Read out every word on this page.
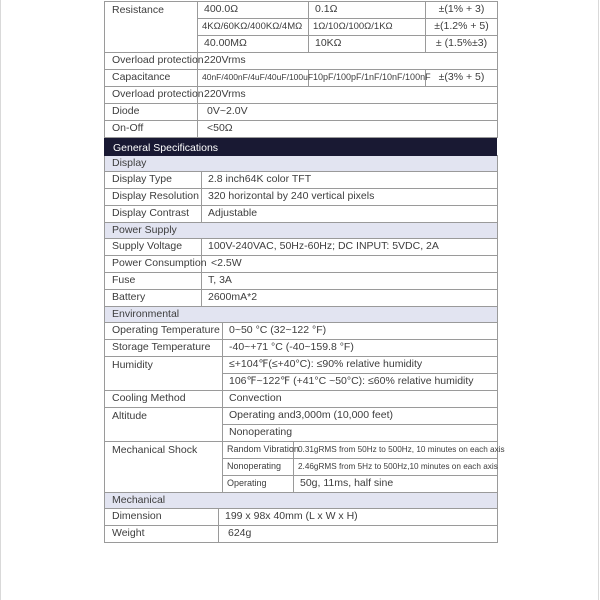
Resistance	400.0Ω	0.1Ω	±(1% + 3)
	4KΩ/60KΩ/400KΩ/4MΩ	1Ω/10Ω/100Ω/1KΩ	±(1.2% + 5)
	40.00MΩ	10KΩ	± (1.5%±3)
Overload protection	220Vrms		
Capacitance	40nF/400nF/4uF/40uF/100uF	10pF/100pF/1nF/10nF/100nF	±(3% + 5)
Overload protection	220Vrms		
Diode	0V~2.0V		
On-Off	<50Ω		
General Specifications
Display	
Display Type	2.8 inch64K color TFT
Display Resolution	320 horizontal by 240 vertical pixels
Display Contrast	Adjustable
Power Supply	
Supply Voltage	100V-240VAC, 50Hz-60Hz; DC INPUT: 5VDC, 2A
Power Consumption	<2.5W
Fuse	T, 3A
Battery	2600mA*2
Environmental		
Operating Temperature	0~50 °C (32~122 °F)	
Storage Temperature	-40~+71 °C (-40~159.8 °F)	
Humidity	≤+104℉(≤+40°C): ≤90% relative humidity	
	106℉~122℉ (+41°C ~50°C): ≤60% relative humidity	
Cooling Method	Convection	
Altitude	Operating and3,000m (10,000 feet)	
	Nonoperating	
Mechanical Shock	Random Vibration	0.31gRMS from 50Hz to 500Hz, 10 minutes on each axis
	Nonoperating	2.46gRMS from 5Hz to 500Hz,10 minutes on each axis
	Operating	50g, 11ms, half sine
Mechanical	
Dimension	199 x 98x 40mm (L x W x H)
Weight	624g
